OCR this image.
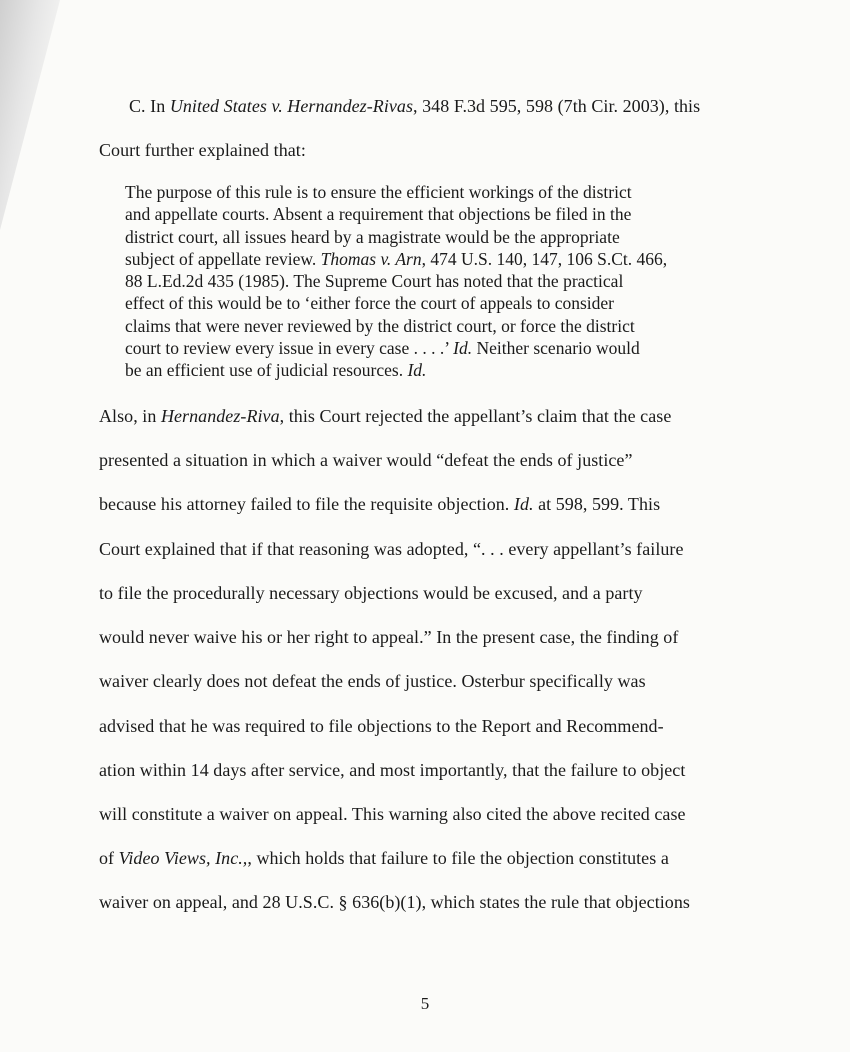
C. In United States v. Hernandez-Rivas, 348 F.3d 595, 598 (7th Cir. 2003), this
Court further explained that:
The purpose of this rule is to ensure the efficient workings of the district
and appellate courts. Absent a requirement that objections be filed in the
district court, all issues heard by a magistrate would be the appropriate
subject of appellate review. Thomas v. Arn, 474 U.S. 140, 147, 106 S.Ct. 466,
88 L.Ed.2d 435 (1985). The Supreme Court has noted that the practical
effect of this would be to ‘either force the court of appeals to consider
claims that were never reviewed by the district court, or force the district
court to review every issue in every case . . . .’ Id. Neither scenario would
be an efficient use of judicial resources. Id.
Also, in Hernandez-Riva, this Court rejected the appellant’s claim that the case
presented a situation in which a waiver would “defeat the ends of justice”
because his attorney failed to file the requisite objection. Id. at 598, 599. This
Court explained that if that reasoning was adopted, “. . . every appellant’s failure
to file the procedurally necessary objections would be excused, and a party
would never waive his or her right to appeal.” In the present case, the finding of
waiver clearly does not defeat the ends of justice. Osterbur specifically was
advised that he was required to file objections to the Report and Recommend-
ation within 14 days after service, and most importantly, that the failure to object
will constitute a waiver on appeal. This warning also cited the above recited case
of Video Views, Inc.,, which holds that failure to file the objection constitutes a
waiver on appeal, and 28 U.S.C. § 636(b)(1), which states the rule that objections
5
